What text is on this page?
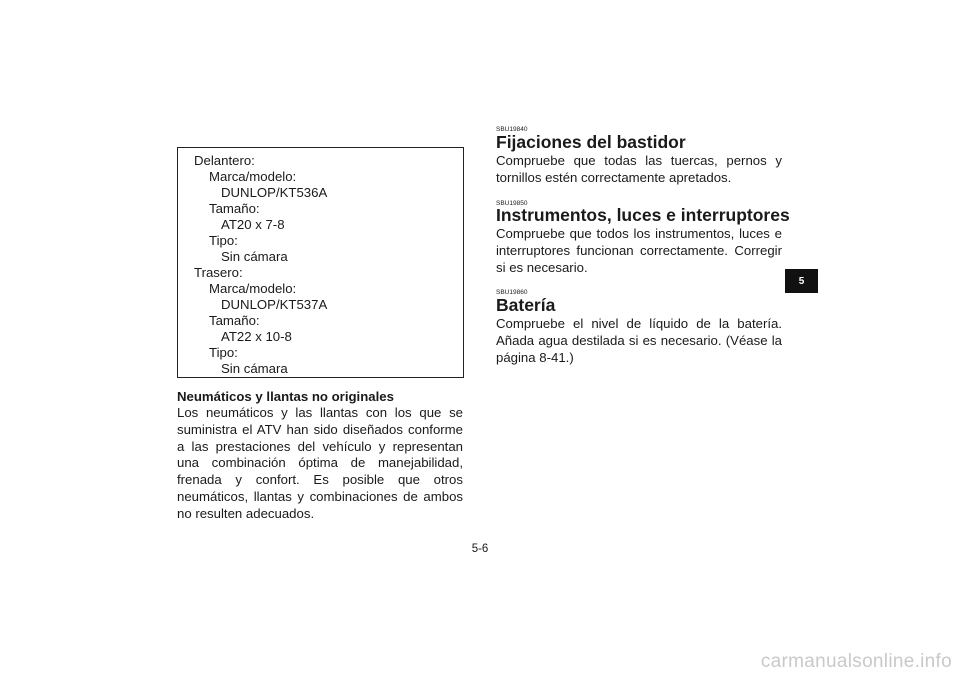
Delantero:
Marca/modelo:
DUNLOP/KT536A
Tamaño:
AT20 x 7-8
Tipo:
Sin cámara
Trasero:
Marca/modelo:
DUNLOP/KT537A
Tamaño:
AT22 x 10-8
Tipo:
Sin cámara
Neumáticos y llantas no originales

Los neumáticos y las llantas con los que se suministra el ATV han sido diseñados conforme a las prestaciones del vehículo y representan una combinación óptima de manejabilidad, frenada y confort. Es posible que otros neumáticos, llantas y combinaciones de ambos no resulten adecuados.

SBU19840
Fijaciones del bastidor

Compruebe que todas las tuercas, pernos y tornillos estén correctamente apretados.

SBU19850
Instrumentos, luces e interruptores

Compruebe que todos los instrumentos, luces e interruptores funcionan correctamente. Corregir si es necesario.

SBU19860
Batería

Compruebe el nivel de líquido de la batería. Añada agua destilada si es necesario. (Véase la página 8-41.)

5
5-6
carmanualsonline.info
